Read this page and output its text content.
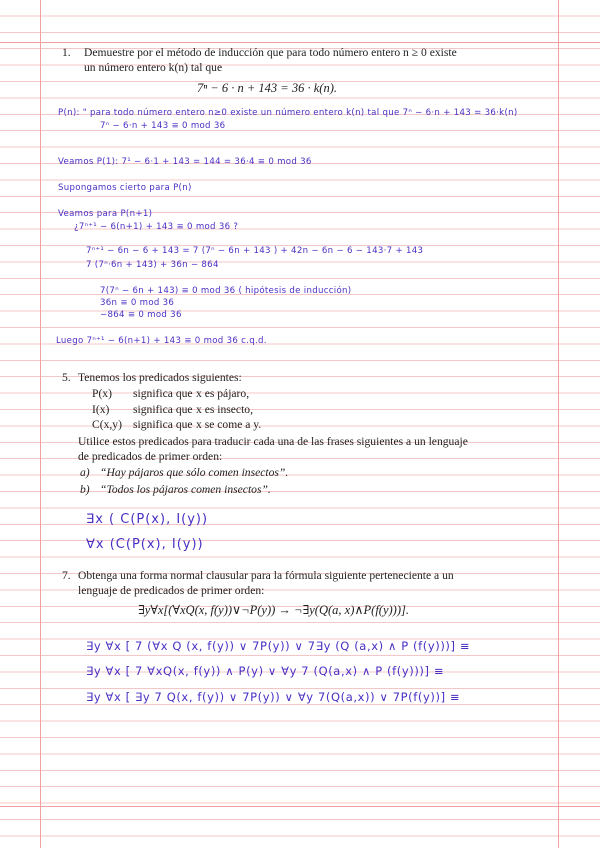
1. Demuestre por el método de inducción que para todo número entero n ≥ 0 existe
un número entero k(n) tal que
7ⁿ − 6 · n + 143 = 36 · k(n).
P(n): " para todo número entero n≥0 existe un número entero k(n) tal que 7ⁿ − 6·n + 143 = 36·k(n)
7ⁿ − 6·n + 143 ≡ 0 mod 36
Veamos P(1): 7¹ − 6·1 + 143 = 144 = 36·4 ≡ 0 mod 36
Supongamos cierto para P(n)
Veamos para P(n+1)
¿7ⁿ⁺¹ − 6(n+1) + 143 ≡ 0 mod 36 ?
7ⁿ⁺¹ − 6n − 6 + 143 = 7 (7ⁿ − 6n + 143 ) + 42n − 6n − 6 − 143·7 + 143
7 (7ⁿ·6n + 143) + 36n − 864
7(7ⁿ − 6n + 143) ≡ 0 mod 36 ( hipótesis de inducción)
36n ≡ 0 mod 36
−864 ≡ 0 mod 36
Luego 7ⁿ⁺¹ − 6(n+1) + 143 ≡ 0 mod 36 c.q.d.
5. Tenemos los predicados siguientes:
P(x) significa que x es pájaro,
I(x) significa que x es insecto,
C(x,y) significa que x se come a y.
Utilice estos predicados para traducir cada una de las frases siguientes a un lenguaje
de predicados de primer orden:
a) “Hay pájaros que sólo comen insectos”.
b) “Todos los pájaros comen insectos”.
∃x ( C(P(x), I(y))
∀x (C(P(x), I(y))
7. Obtenga una forma normal clausular para la fórmula siguiente perteneciente a un
lenguaje de predicados de primer orden:
∃y∀x[(∀xQ(x, f(y))∨¬P(y)) → ¬∃y(Q(a, x)∧P(f(y)))].
∃y ∀x [ 7 (∀x Q (x, f(y)) ∨ 7P(y)) ∨ 7∃y (Q (a,x) ∧ P (f(y)))] ≡
∃y ∀x [ 7 ∀xQ(x, f(y)) ∧ P(y) ∨ ∀y 7 (Q(a,x) ∧ P (f(y)))] ≡
∃y ∀x [ ∃y 7 Q(x, f(y)) ∨ 7P(y)) ∨ ∀y 7(Q(a,x)) ∨ 7P(f(y))] ≡
